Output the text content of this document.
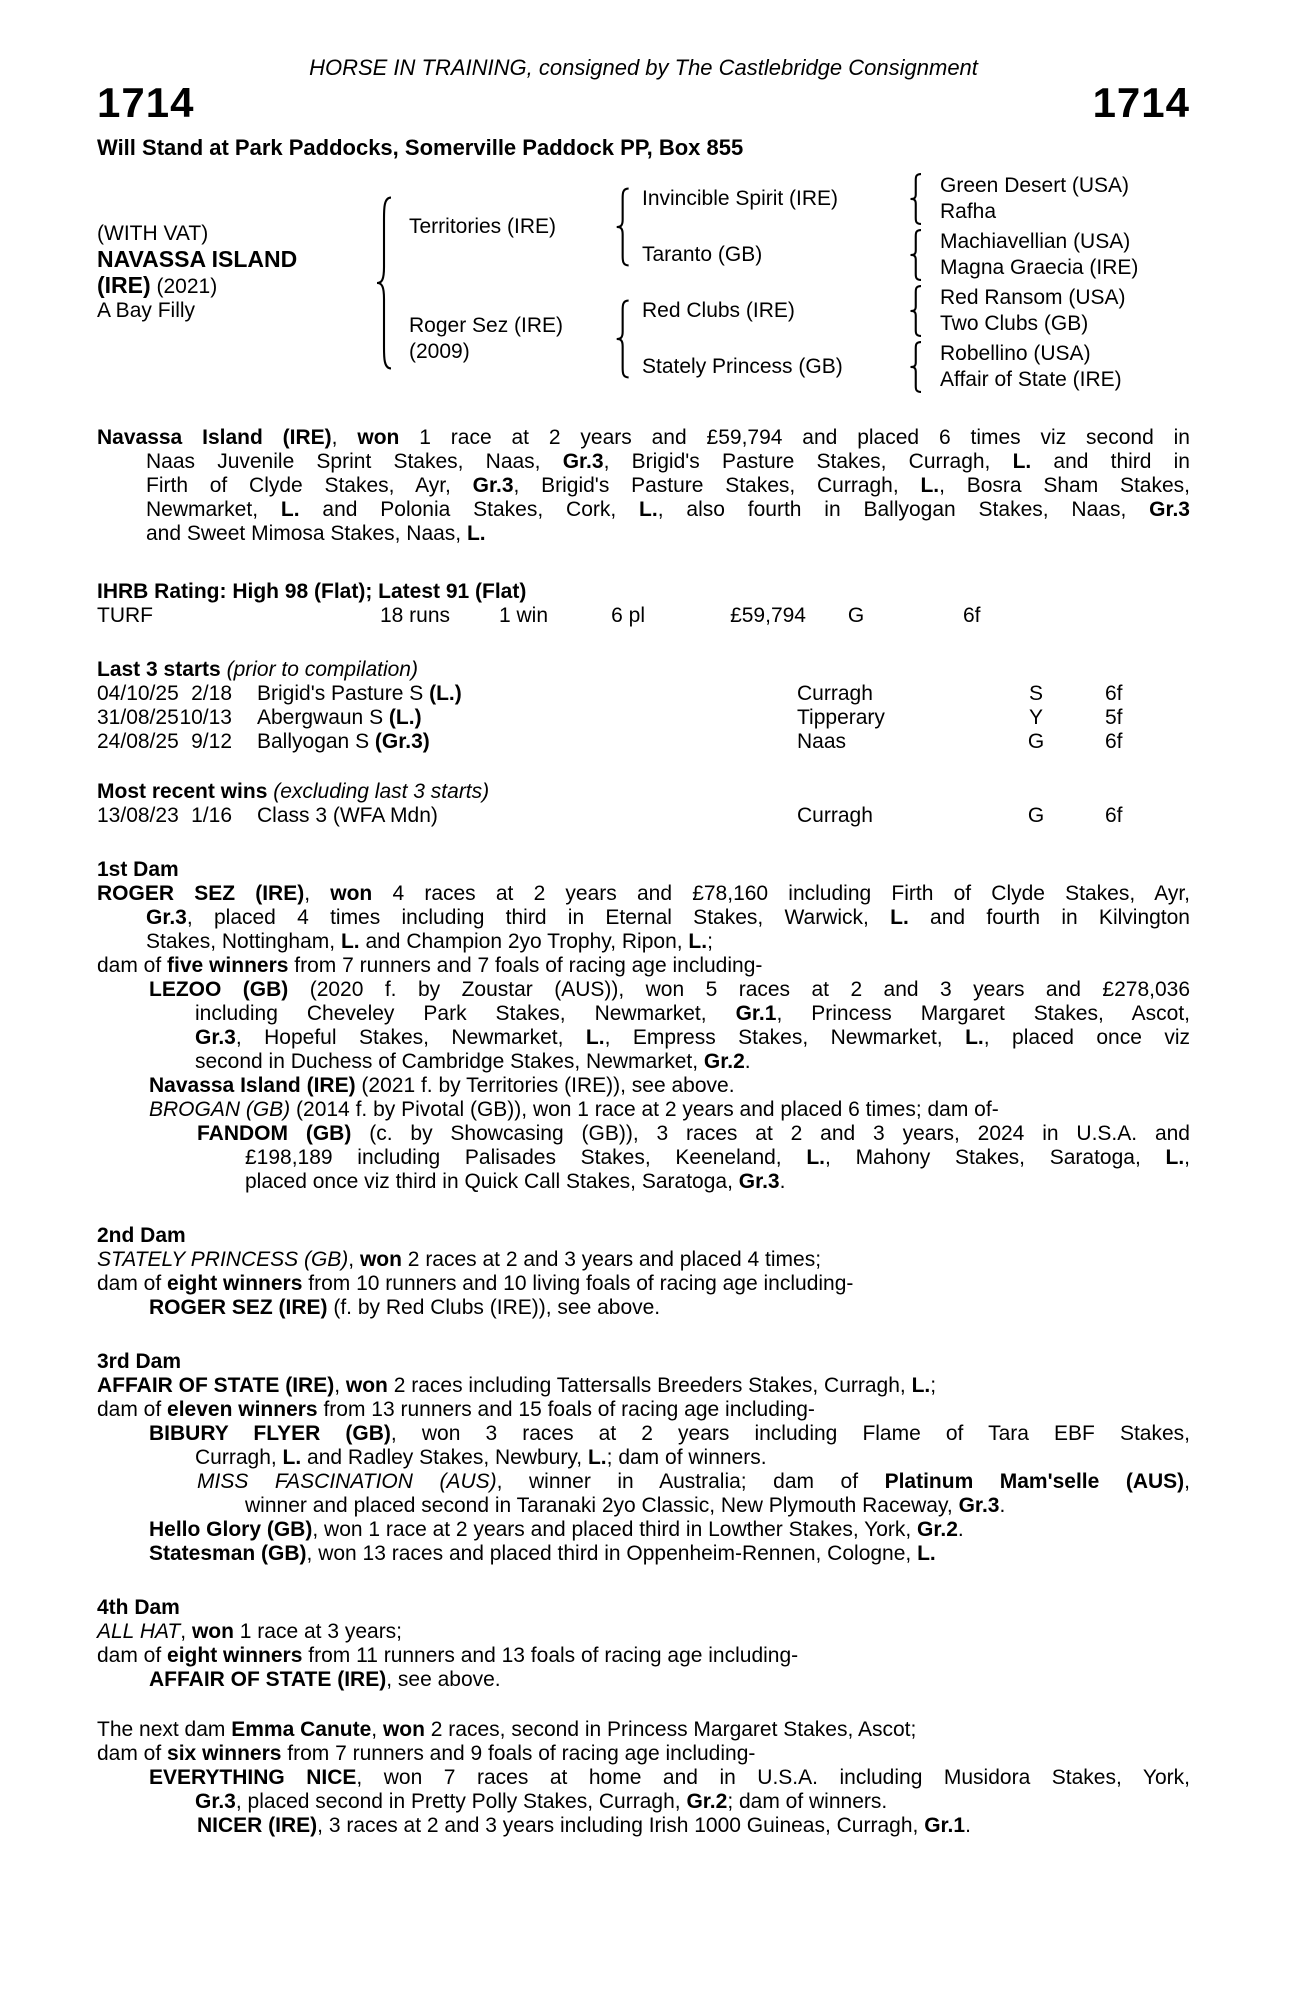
HORSE IN TRAINING, consigned by The Castlebridge Consignment
1714	1714
Will Stand at Park Paddocks, Somerville Paddock PP, Box 855
(WITH VAT)
NAVASSA ISLAND
(IRE) (2021)
A Bay Filly
Territories (IRE)
Roger Sez (IRE)
(2009)
Invincible Spirit (IRE)
Taranto (GB)
Red Clubs (IRE)
Stately Princess (GB)
Green Desert (USA)
Rafha
Machiavellian (USA)
Magna Graecia (IRE)
Red Ransom (USA)
Two Clubs (GB)
Robellino (USA)
Affair of State (IRE)
Navassa Island (IRE), won 1 race at 2 years and £59,794 and placed 6 times viz second in
Naas Juvenile Sprint Stakes, Naas, Gr.3, Brigid's Pasture Stakes, Curragh, L. and third in
Firth of Clyde Stakes, Ayr, Gr.3, Brigid's Pasture Stakes, Curragh, L., Bosra Sham Stakes,
Newmarket, L. and Polonia Stakes, Cork, L., also fourth in Ballyogan Stakes, Naas, Gr.3
and Sweet Mimosa Stakes, Naas, L.
IHRB Rating: High 98 (Flat); Latest 91 (Flat)
TURF	18 runs	1 win	6 pl	£59,794	G	6f
Last 3 starts (prior to compilation)
04/10/25 2/18 Brigid's Pasture S (L.)	Curragh	S	6f
31/08/25 10/13 Abergwaun S (L.)	Tipperary	Y	5f
24/08/25 9/12 Ballyogan S (Gr.3)	Naas	G	6f
Most recent wins (excluding last 3 starts)
13/08/23 1/16 Class 3 (WFA Mdn)	Curragh	G	6f
1st Dam
ROGER SEZ (IRE), won 4 races at 2 years and £78,160 including Firth of Clyde Stakes, Ayr,
Gr.3, placed 4 times including third in Eternal Stakes, Warwick, L. and fourth in Kilvington
Stakes, Nottingham, L. and Champion 2yo Trophy, Ripon, L.;
dam of five winners from 7 runners and 7 foals of racing age including-
LEZOO (GB) (2020 f. by Zoustar (AUS)), won 5 races at 2 and 3 years and £278,036
including Cheveley Park Stakes, Newmarket, Gr.1, Princess Margaret Stakes, Ascot,
Gr.3, Hopeful Stakes, Newmarket, L., Empress Stakes, Newmarket, L., placed once viz
second in Duchess of Cambridge Stakes, Newmarket, Gr.2.
Navassa Island (IRE) (2021 f. by Territories (IRE)), see above.
BROGAN (GB) (2014 f. by Pivotal (GB)), won 1 race at 2 years and placed 6 times; dam of-
FANDOM (GB) (c. by Showcasing (GB)), 3 races at 2 and 3 years, 2024 in U.S.A. and
£198,189 including Palisades Stakes, Keeneland, L., Mahony Stakes, Saratoga, L.,
placed once viz third in Quick Call Stakes, Saratoga, Gr.3.
2nd Dam
STATELY PRINCESS (GB), won 2 races at 2 and 3 years and placed 4 times;
dam of eight winners from 10 runners and 10 living foals of racing age including-
ROGER SEZ (IRE) (f. by Red Clubs (IRE)), see above.
3rd Dam
AFFAIR OF STATE (IRE), won 2 races including Tattersalls Breeders Stakes, Curragh, L.;
dam of eleven winners from 13 runners and 15 foals of racing age including-
BIBURY FLYER (GB), won 3 races at 2 years including Flame of Tara EBF Stakes,
Curragh, L. and Radley Stakes, Newbury, L.; dam of winners.
MISS FASCINATION (AUS), winner in Australia; dam of Platinum Mam'selle (AUS),
winner and placed second in Taranaki 2yo Classic, New Plymouth Raceway, Gr.3.
Hello Glory (GB), won 1 race at 2 years and placed third in Lowther Stakes, York, Gr.2.
Statesman (GB), won 13 races and placed third in Oppenheim-Rennen, Cologne, L.
4th Dam
ALL HAT, won 1 race at 3 years;
dam of eight winners from 11 runners and 13 foals of racing age including-
AFFAIR OF STATE (IRE), see above.
The next dam Emma Canute, won 2 races, second in Princess Margaret Stakes, Ascot;
dam of six winners from 7 runners and 9 foals of racing age including-
EVERYTHING NICE, won 7 races at home and in U.S.A. including Musidora Stakes, York,
Gr.3, placed second in Pretty Polly Stakes, Curragh, Gr.2; dam of winners.
NICER (IRE), 3 races at 2 and 3 years including Irish 1000 Guineas, Curragh, Gr.1.
